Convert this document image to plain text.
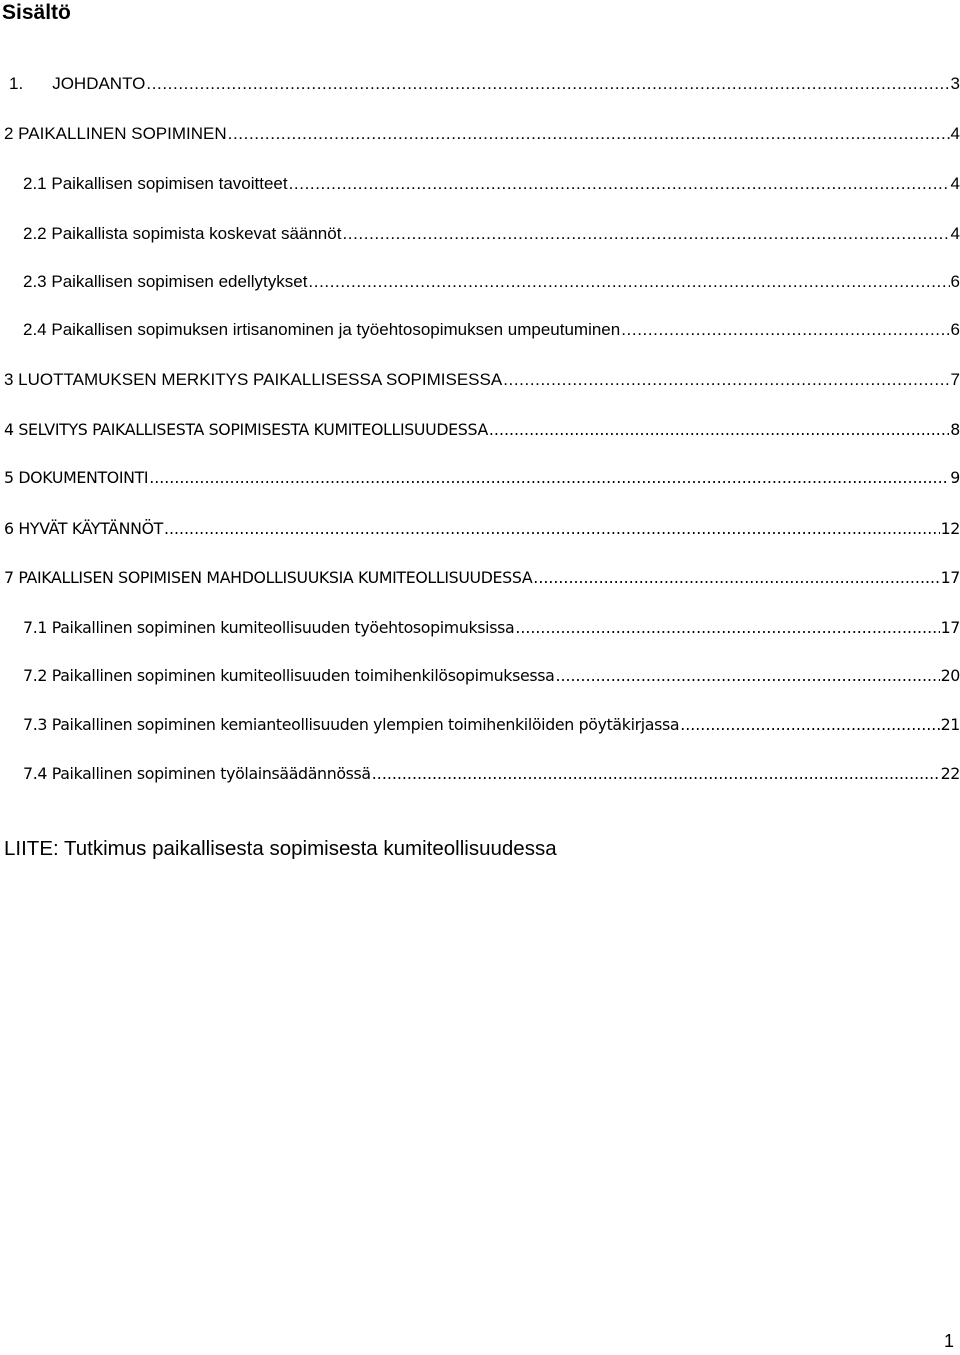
Sisältö
1. JOHDANTO .....	3
2 PAIKALLINEN SOPIMINEN .....	4
2.1 Paikallisen sopimisen tavoitteet .....	4
2.2 Paikallista sopimista koskevat säännöt .....	4
2.3 Paikallisen sopimisen edellytykset .....	6
2.4 Paikallisen sopimuksen irtisanominen ja työehtosopimuksen umpeutuminen .....	6
3 LUOTTAMUKSEN MERKITYS PAIKALLISESSA SOPIMISESSA .....	7
4 SELVITYS PAIKALLISESTA SOPIMISESTA KUMITEOLLISUUDESSA .....	8
5 DOKUMENTOINTI .....	9
6 HYVÄT KÄYTÄNNÖT .....	12
7 PAIKALLISEN SOPIMISEN MAHDOLLISUUKSIA KUMITEOLLISUUDESSA .....	17
7.1 Paikallinen sopiminen kumiteollisuuden työehtosopimuksissa .....	17
7.2 Paikallinen sopiminen kumiteollisuuden toimihenkilösopimuksessa .....	20
7.3 Paikallinen sopiminen kemianteollisuuden ylempien toimihenkilöiden pöytäkirjassa .....	21
7.4 Paikallinen sopiminen työlainsäädännössä .....	22

LIITE: Tutkimus paikallisesta sopimisesta kumiteollisuudessa

1
